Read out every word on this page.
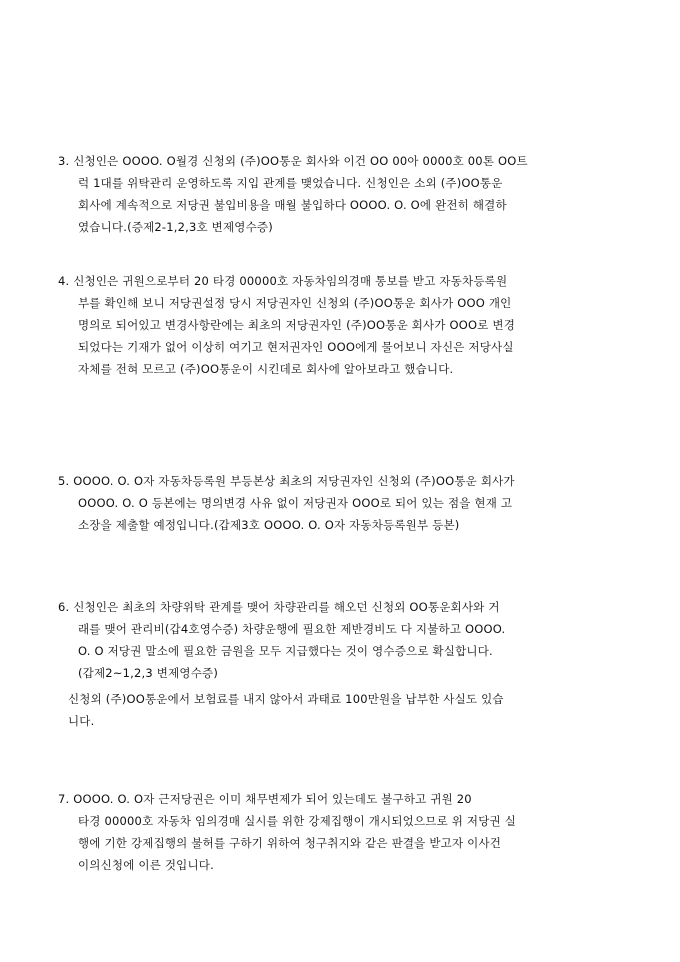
3. 신청인은 OOOO. O월경 신청외 (주)OO통운 회사와 이건 OO 00아 0000호 00톤 OO트
럭 1대를 위탁관리 운영하도록 지입 관계를 맺었습니다. 신청인은 소외 (주)OO통운
회사에 계속적으로 저당권 불입비용을 매월 불입하다 OOOO. O. O에 완전히 해결하
였습니다.(증제2-1,2,3호 변제영수증)
4. 신청인은 귀원으로부터 20 타경 00000호 자동차임의경매 통보를 받고 자동차등록원
부를 확인해 보니 저당권설정 당시 저당권자인 신청외 (주)OO통운 회사가 OOO 개인
명의로 되어있고 변경사항란에는 최초의 저당권자인 (주)OO통운 회사가 OOO로 변경
되었다는 기재가 없어 이상히 여기고 현저권자인 OOO에게 물어보니 자신은 저당사실
자체를 전혀 모르고 (주)OO통운이 시킨데로 회사에 알아보라고 했습니다.
5. OOOO. O. O자 자동차등록원 부등본상 최초의 저당권자인 신청외 (주)OO통운 회사가
OOOO. O. O 등본에는 명의변경 사유 없이 저당권자 OOO로 되어 있는 점을 현재 고
소장을 제출할 예정입니다.(갑제3호 OOOO. O. O자 자동차등록원부 등본)
6. 신청인은 최초의 차량위탁 관계를 맺어 차량관리를 해오던 신청외 OO통운회사와 거
래를 맺어 관리비(갑4호영수증) 차량운행에 필요한 제반경비도 다 지불하고 OOOO.
O. O 저당권 말소에 필요한 금원을 모두 지급했다는 것이 영수증으로 확실합니다.
(갑제2~1,2,3 변제영수증)
신청외 (주)OO통운에서 보험료를 내지 않아서 과태료 100만원을 납부한 사실도 있습
니다.
7. OOOO. O. O자 근저당권은 이미 채무변제가 되어 있는데도 불구하고 귀원 20
타경 00000호 자동차 임의경매 실시를 위한 강제집행이 개시되었으므로 위 저당권 실
행에 기한 강제집행의 불허를 구하기 위하여 청구취지와 같은 판결을 받고자 이사건
이의신청에 이른 것입니다.
